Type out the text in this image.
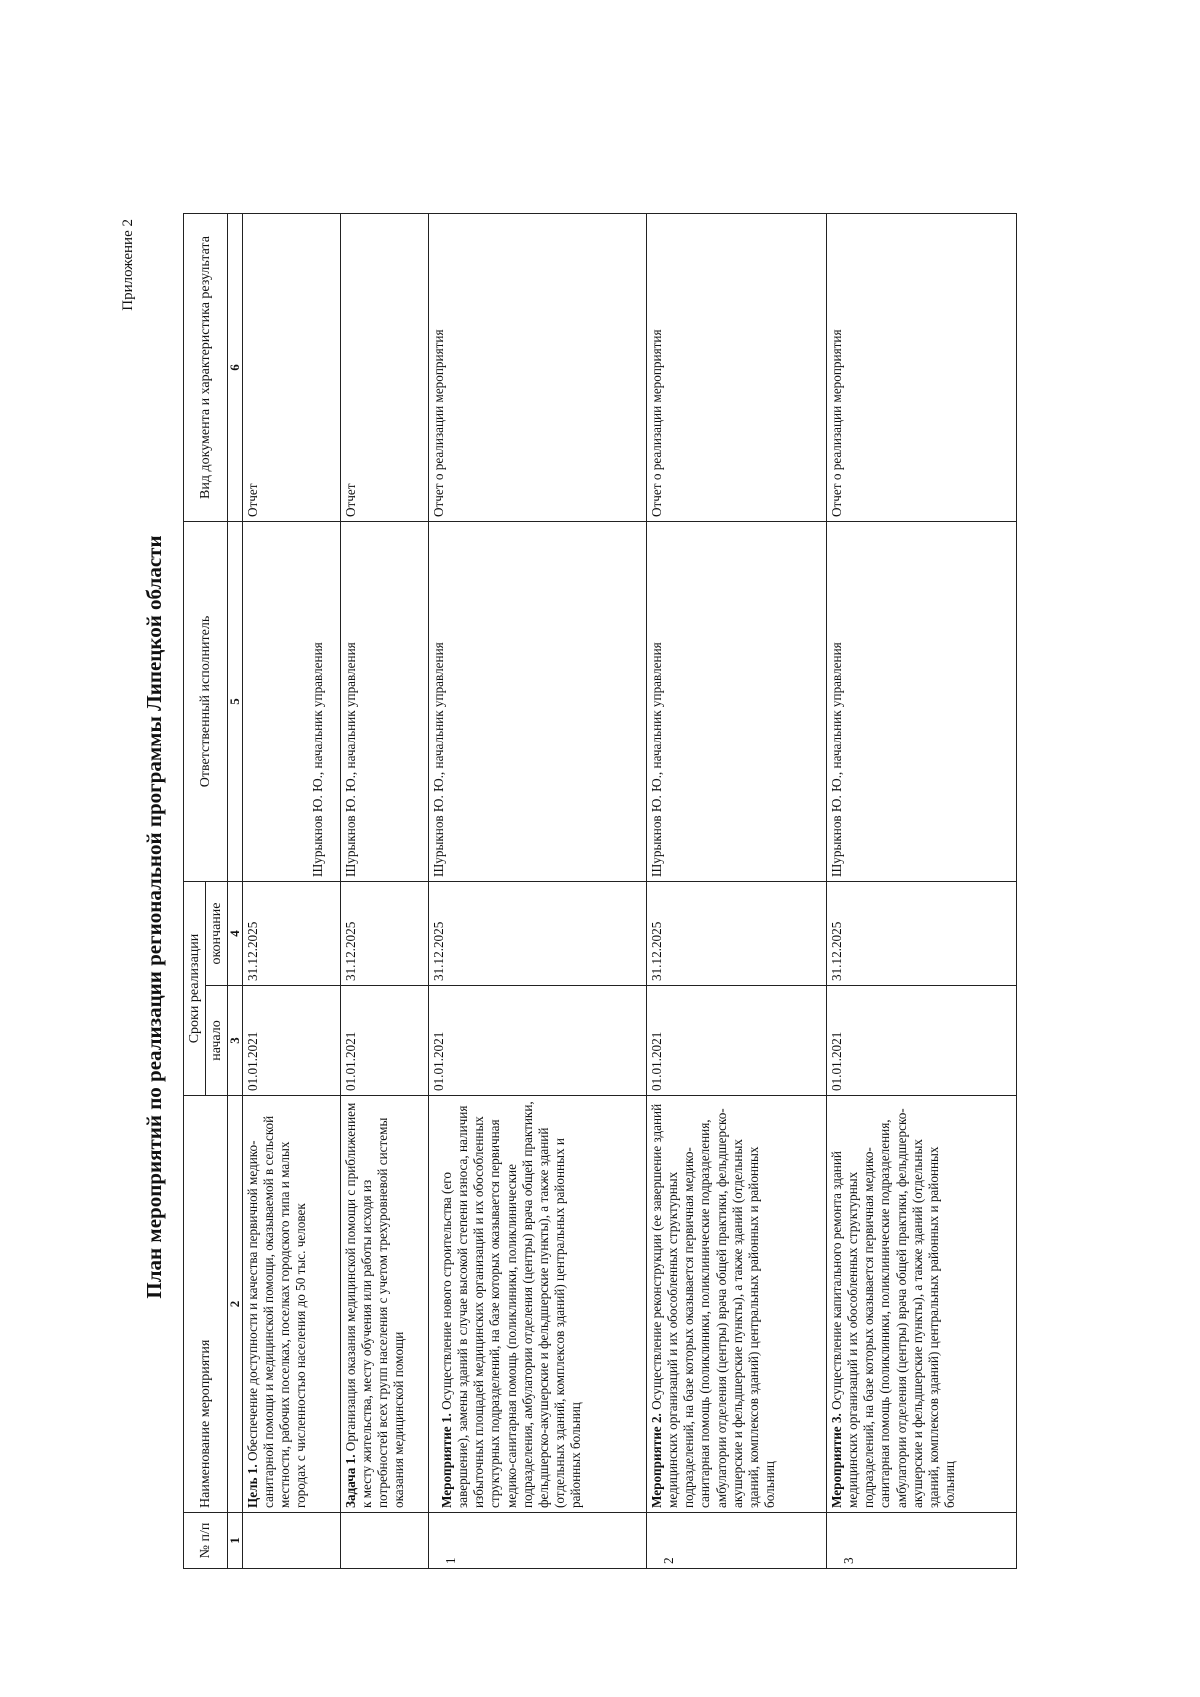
Приложение 2
План мероприятий по реализации региональной программы Липецкой области
№ п/п	Наименование мероприятия	Сроки реализации		Ответственный исполнитель	Вид документа и характеристика результата
		начало	окончание		
1	2	3	4	5	6
	Цель 1. Обеспечение доступности и качества первичной медико-санитарной помощи и медицинской помощи, оказываемой в сельской местности, рабочих поселках, поселках городского типа и малых городах с численностью населения до 50 тыс. человек	01.01.2021	31.12.2025	Шурыкнов Ю. Ю., начальник управления	Отчет
	Задача 1. Организация оказания медицинской помощи с приближением к месту жительства, месту обучения или работы исходя из потребностей всех групп населения с учетом трехуровневой системы оказания медицинской помощи	01.01.2021	31.12.2025	Шурыкнов Ю. Ю., начальник управления	Отчет
1	Мероприятие 1. Осуществление нового строительства (его завершение), замены зданий в случае высокой степени износа, наличия избыточных площадей медицинских организаций и их обособленных структурных подразделений, на базе которых оказывается первичная медико-санитарная помощь (поликлиники, поликлинические подразделения, амбулатории отделения (центры) врача общей практики, фельдшерско-акушерские и фельдшерские пункты), а также зданий (отдельных зданий, комплексов зданий) центральных районных и районных больниц	01.01.2021	31.12.2025	Шурыкнов Ю. Ю., начальник управления	Отчет о реализации мероприятия
2	Мероприятие 2. Осуществление реконструкции (ее завершение зданий медицинских организаций и их обособленных структурных подразделений, на базе которых оказывается первичная медико-санитарная помощь (поликлиники, поликлинические подразделения, амбулатории отделения (центры) врача общей практики, фельдшерско-акушерские и фельдшерские пункты), а также зданий (отдельных зданий, комплексов зданий) центральных районных и районных больниц	01.01.2021	31.12.2025	Шурыкнов Ю. Ю., начальник управления	Отчет о реализации мероприятия
3	Мероприятие 3. Осуществление капитального ремонта зданий медицинских организаций и их обособленных структурных подразделений, на базе которых оказывается первичная медико-санитарная помощь (поликлиники, поликлинические подразделения, амбулатории отделения (центры) врача общей практики, фельдшерско-акушерские и фельдшерские пункты), а также зданий (отдельных зданий, комплексов зданий) центральных районных и районных больниц	01.01.2021	31.12.2025	Шурыкнов Ю. Ю., начальник управления	Отчет о реализации мероприятия
